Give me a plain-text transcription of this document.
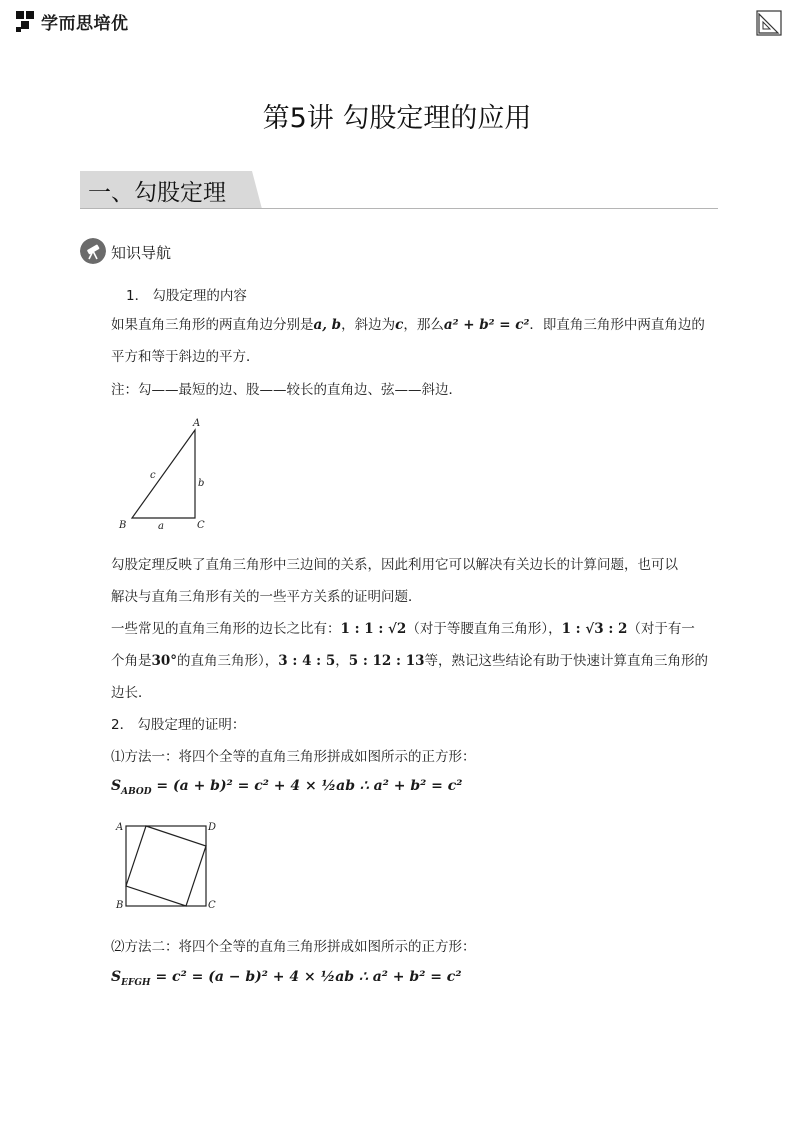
学而思培优
第5讲 勾股定理的应用
一、勾股定理
知识导航
1． 勾股定理的内容
如果直角三角形的两直角边分别是a, b，斜边为c，那么a² + b² = c²．即直角三角形中两直角边的
平方和等于斜边的平方．
注：勾——最短的边、股——较长的直角边、弦——斜边．
A
B	C
a
b
c
勾股定理反映了直角三角形中三边间的关系，因此利用它可以解决有关边长的计算问题，也可以
解决与直角三角形有关的一些平方关系的证明问题．
一些常见的直角三角形的边长之比有：1 : 1 : √2（对于等腰直角三角形），1 : √3 : 2（对于有一
个角是30°的直角三角形），3 : 4 : 5，5 : 12 : 13等，熟记这些结论有助于快速计算直角三角形的
边长．
2． 勾股定理的证明：
⑴方法一：将四个全等的直角三角形拼成如图所示的正方形：
$S_{ABOD} = (a + b)^2 = c^2 + 4$ × ½ab ∴ a² + b² = c²
A
B	C
D
⑵方法二：将四个全等的直角三角形拼成如图所示的正方形：
$S_{EFGH} = c^2 = (a - b)^2 + 4$ × ½ab ∴ a² + b² = c²
